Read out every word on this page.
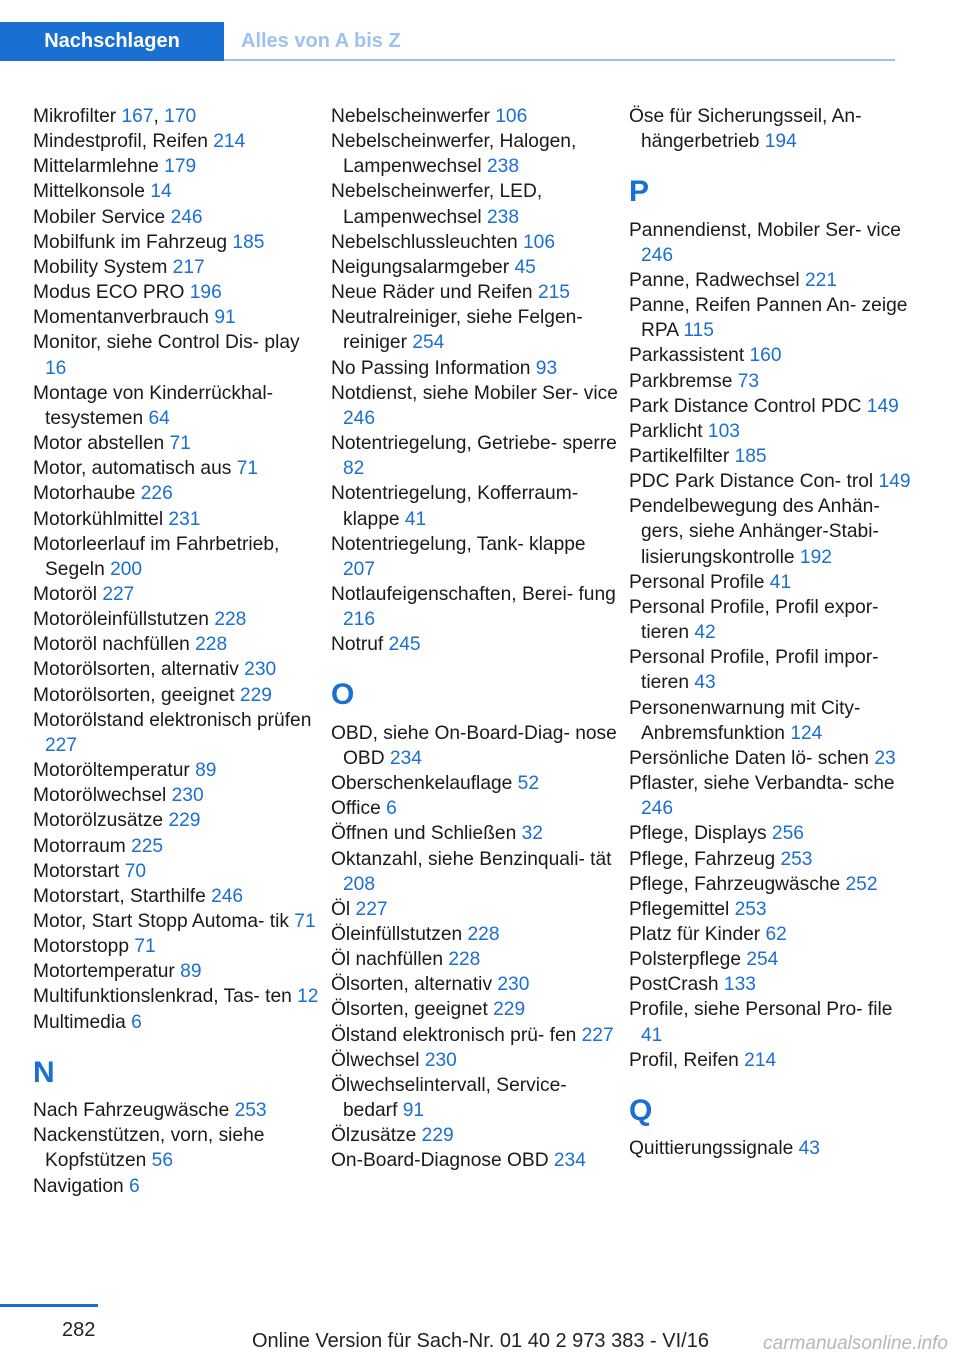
Nachschlagen	Alles von A bis Z

Mikrofilter 167, 170

Mindestprofil, Reifen 214

Mittelarmlehne 179

Mittelkonsole 14

Mobiler Service 246

Mobilfunk im Fahrzeug 185

Mobility System 217

Modus ECO PRO 196

Momentanverbrauch 91

Monitor, siehe Control Dis‐ play 16

Montage von Kinderrückhal‐ tesystemen 64

Motor abstellen 71

Motor, automatisch aus 71

Motorhaube 226

Motorkühlmittel 231

Motorleerlauf im Fahrbetrieb, Segeln 200

Motoröl 227

Motoröleinfüllstutzen 228

Motoröl nachfüllen 228

Motorölsorten, alternativ 230

Motorölsorten, geeignet 229

Motorölstand elektronisch prüfen 227

Motoröltemperatur 89

Motorölwechsel 230

Motorölzusätze 229

Motorraum 225

Motorstart 70

Motorstart, Starthilfe 246

Motor, Start Stopp Automa‐ tik 71

Motorstopp 71

Motortemperatur 89

Multifunktionslenkrad, Tas‐ ten 12

Multimedia 6

N

Nach Fahrzeugwäsche 253

Nackenstützen, vorn, siehe Kopfstützen 56

Navigation 6

Nebelscheinwerfer 106

Nebelscheinwerfer, Halogen, Lampenwechsel 238

Nebelscheinwerfer, LED, Lampenwechsel 238

Nebelschlussleuchten 106

Neigungsalarmgeber 45

Neue Räder und Reifen 215

Neutralreiniger, siehe Felgen‐ reiniger 254

No Passing Information 93

Notdienst, siehe Mobiler Ser‐ vice 246

Notentriegelung, Getriebe‐ sperre 82

Notentriegelung, Kofferraum‐ klappe 41

Notentriegelung, Tank‐ klappe 207

Notlaufeigenschaften, Berei‐ fung 216

Notruf 245

O

OBD, siehe On-Board-Diag‐ nose OBD 234

Oberschenkelauflage 52

Office 6

Öffnen und Schließen 32

Oktanzahl, siehe Benzinquali‐ tät 208

Öl 227

Öleinfüllstutzen 228

Öl nachfüllen 228

Ölsorten, alternativ 230

Ölsorten, geeignet 229

Ölstand elektronisch prü‐ fen 227

Ölwechsel 230

Ölwechselintervall, Service‐ bedarf 91

Ölzusätze 229

On-Board-Diagnose OBD 234

Öse für Sicherungsseil, An‐ hängerbetrieb 194

P

Pannendienst, Mobiler Ser‐ vice 246

Panne, Radwechsel 221

Panne, Reifen Pannen An‐ zeige RPA 115

Parkassistent 160

Parkbremse 73

Park Distance Control PDC 149

Parklicht 103

Partikelfilter 185

PDC Park Distance Con‐ trol 149

Pendelbewegung des Anhän‐ gers, siehe Anhänger-Stabi‐ lisierungskontrolle 192

Personal Profile 41

Personal Profile, Profil expor‐ tieren 42

Personal Profile, Profil impor‐ tieren 43

Personenwarnung mit City- Anbremsfunktion 124

Persönliche Daten lö‐ schen 23

Pflaster, siehe Verbandta‐ sche 246

Pflege, Displays 256

Pflege, Fahrzeug 253

Pflege, Fahrzeugwäsche 252

Pflegemittel 253

Platz für Kinder 62

Polsterpflege 254

PostCrash 133

Profile, siehe Personal Pro‐ file 41

Profil, Reifen 214

Q

Quittierungssignale 43

282	Online Version für Sach-Nr. 01 40 2 973 383 - VI/16	carmanualsonline.info
